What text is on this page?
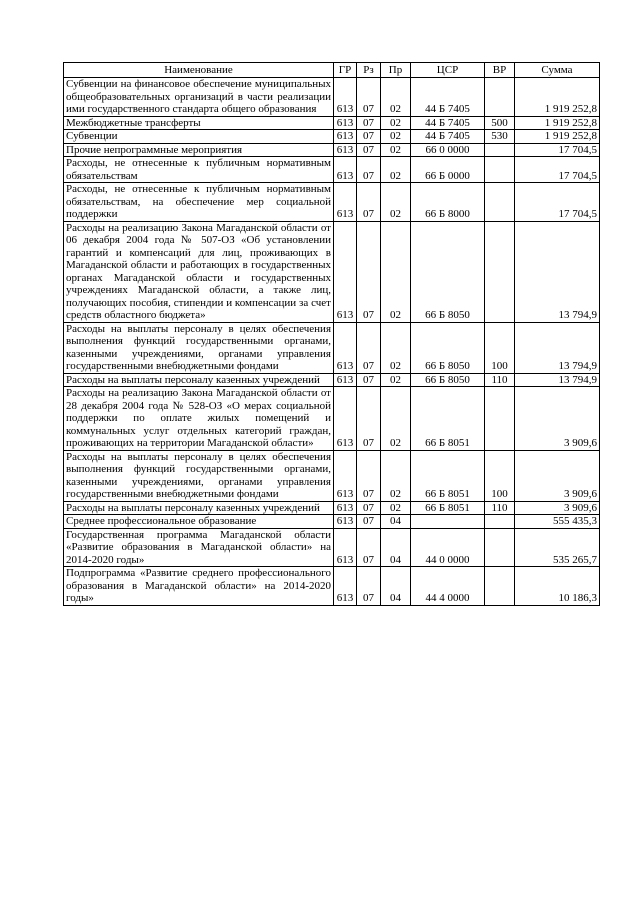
Наименование	ГР	Рз	Пр	ЦСР	ВР	Сумма
Субвенции на финансовое обеспечение муниципальных общеобразовательных организаций в части реализации ими государственного стандарта общего образования	613	07	02	44 Б 7405		1 919 252,8
Межбюджетные трансферты	613	07	02	44 Б 7405	500	1 919 252,8
Субвенции	613	07	02	44 Б 7405	530	1 919 252,8
Прочие непрограммные мероприятия	613	07	02	66 0 0000		17 704,5
Расходы, не отнесенные к публичным нормативным обязательствам	613	07	02	66 Б 0000		17 704,5
Расходы, не отнесенные к публичным нормативным обязательствам, на обеспечение мер социальной поддержки	613	07	02	66 Б 8000		17 704,5
Расходы на реализацию Закона Магаданской области от 06 декабря 2004 года № 507-ОЗ «Об установлении гарантий и компенсаций для лиц, проживающих в Магаданской области и работающих в государственных органах Магаданской области и государственных учреждениях Магаданской области, а также лиц, получающих пособия, стипендии и компенсации за счет средств областного бюджета»	613	07	02	66 Б 8050		13 794,9
Расходы на выплаты персоналу в целях обеспечения выполнения функций государственными органами, казенными учреждениями, органами управления государственными внебюджетными фондами	613	07	02	66 Б 8050	100	13 794,9
Расходы на выплаты персоналу казенных учреждений	613	07	02	66 Б 8050	110	13 794,9
Расходы на реализацию Закона Магаданской области от 28 декабря 2004 года № 528-ОЗ «О мерах социальной поддержки по оплате жилых помещений и коммунальных услуг отдельных категорий граждан, проживающих на территории Магаданской области»	613	07	02	66 Б 8051		3 909,6
Расходы на выплаты персоналу в целях обеспечения выполнения функций государственными органами, казенными учреждениями, органами управления государственными внебюджетными фондами	613	07	02	66 Б 8051	100	3 909,6
Расходы на выплаты персоналу казенных учреждений	613	07	02	66 Б 8051	110	3 909,6
Среднее профессиональное образование	613	07	04			555 435,3
Государственная программа Магаданской области «Развитие образования в Магаданской области» на 2014-2020 годы»	613	07	04	44 0 0000		535 265,7
Подпрограмма «Развитие среднего профессионального образования в Магаданской области» на 2014-2020 годы»	613	07	04	44 4 0000		10 186,3
